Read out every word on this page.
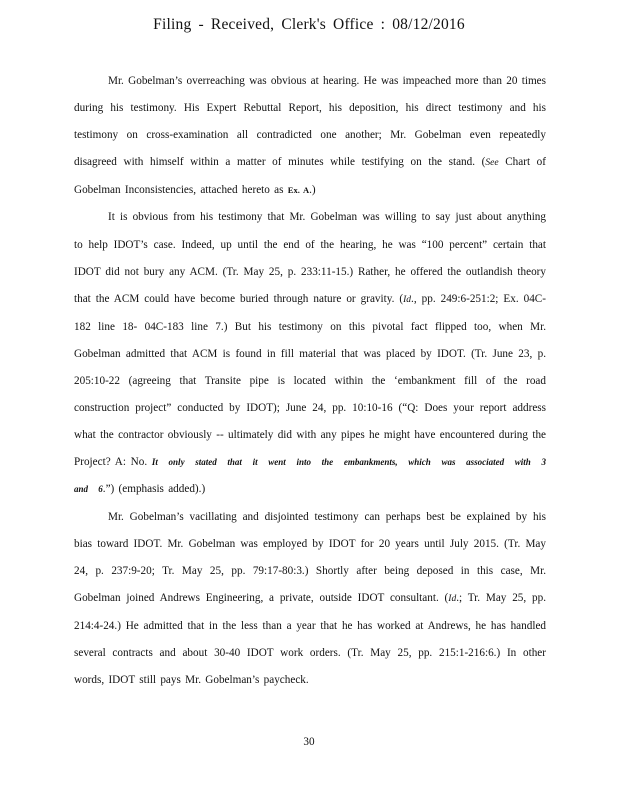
Filing - Received, Clerk's Office : 08/12/2016

Mr. Gobelman’s overreaching was obvious at hearing. He was impeached more than 20 times during his testimony. His Expert Rebuttal Report, his deposition, his direct testimony and his testimony on cross-examination all contradicted one another; Mr. Gobelman even repeatedly disagreed with himself within a matter of minutes while testifying on the stand. (See Chart of Gobelman Inconsistencies, attached hereto as Ex. A.)

It is obvious from his testimony that Mr. Gobelman was willing to say just about anything to help IDOT’s case. Indeed, up until the end of the hearing, he was “100 percent” certain that IDOT did not bury any ACM. (Tr. May 25, p. 233:11-15.) Rather, he offered the outlandish theory that the ACM could have become buried through nature or gravity. (Id., pp. 249:6-251:2; Ex. 04C-182 line 18- 04C-183 line 7.) But his testimony on this pivotal fact flipped too, when Mr. Gobelman admitted that ACM is found in fill material that was placed by IDOT. (Tr. June 23, p. 205:10-22 (agreeing that Transite pipe is located within the ‘embankment fill of the road construction project” conducted by IDOT); June 24, pp. 10:10-16 (“Q: Does your report address what the contractor obviously -- ultimately did with any pipes he might have encountered during the Project? A: No. It only stated that it went into the embankments, which was associated with 3 and 6.”) (emphasis added).)

Mr. Gobelman’s vacillating and disjointed testimony can perhaps best be explained by his bias toward IDOT. Mr. Gobelman was employed by IDOT for 20 years until July 2015. (Tr. May 24, p. 237:9-20; Tr. May 25, pp. 79:17-80:3.) Shortly after being deposed in this case, Mr. Gobelman joined Andrews Engineering, a private, outside IDOT consultant. (Id.; Tr. May 25, pp. 214:4-24.) He admitted that in the less than a year that he has worked at Andrews, he has handled several contracts and about 30-40 IDOT work orders. (Tr. May 25, pp. 215:1-216:6.) In other words, IDOT still pays Mr. Gobelman’s paycheck.

30
